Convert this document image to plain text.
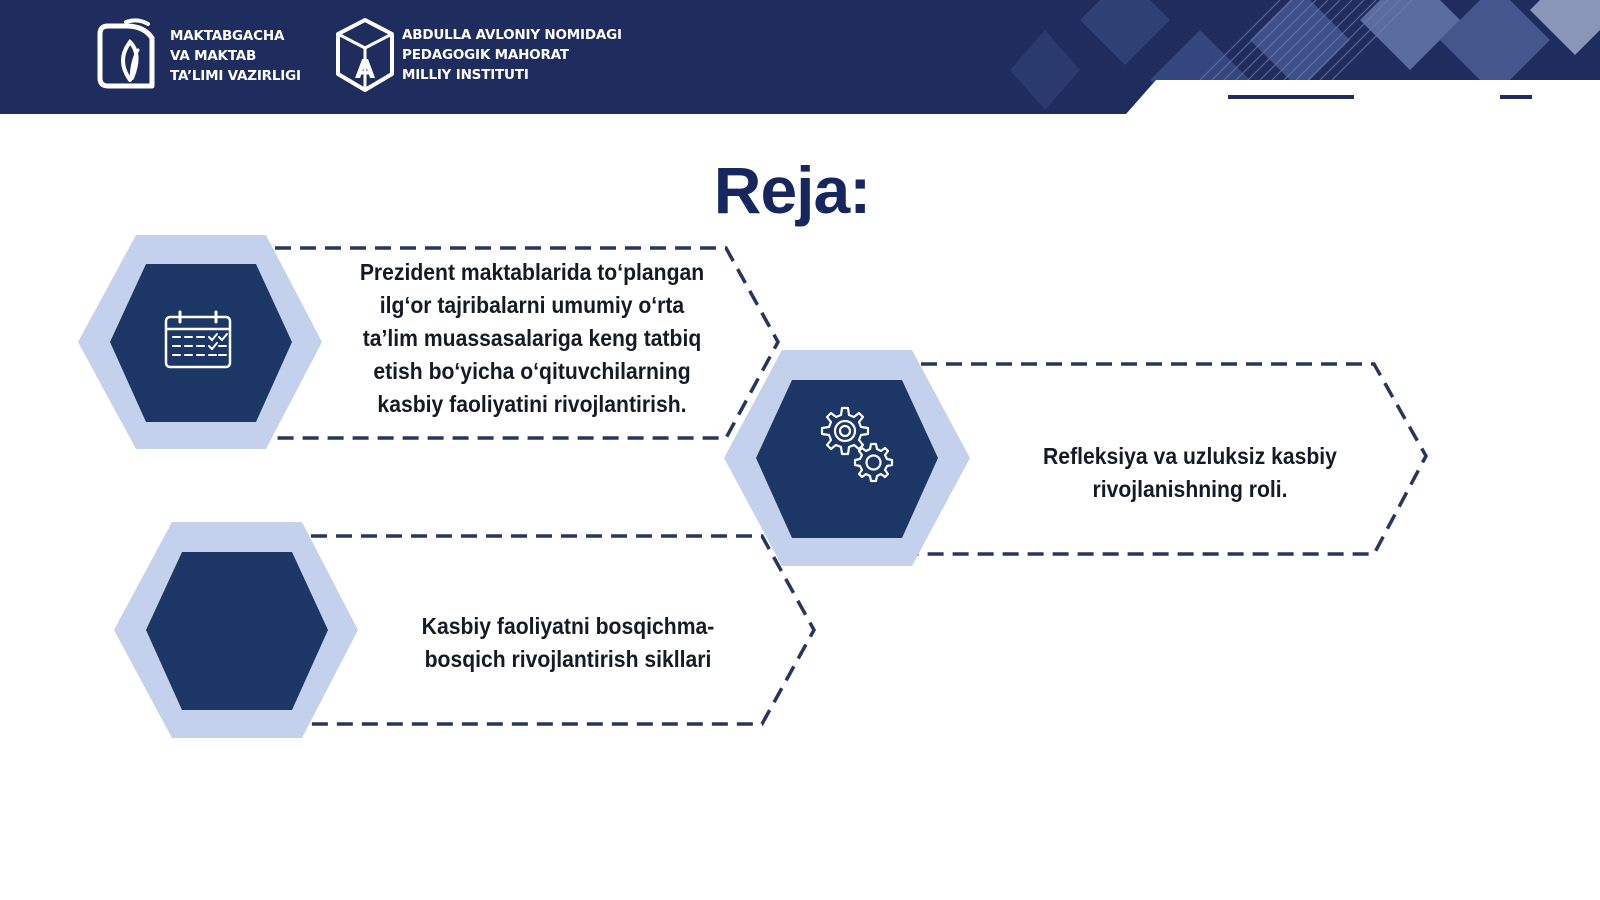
MAKTABGACHA
VA MAKTAB
TA’LIMI VAZIRLIGI	A
ABDULLA AVLONIY NOMIDAGI
PEDAGOGIK MAHORAT
MILLIY INSTITUTI
Reja:
Prezident maktablarida to‘plangan
ilg‘or tajribalarni umumiy o‘rta
ta’lim muassasalariga keng tatbiq
etish bo‘yicha o‘qituvchilarning
kasbiy faoliyatini rivojlantirish.
Refleksiya va uzluksiz kasbiy
rivojlanishning roli.
Kasbiy faoliyatni bosqichma-
bosqich rivojlantirish sikllari
